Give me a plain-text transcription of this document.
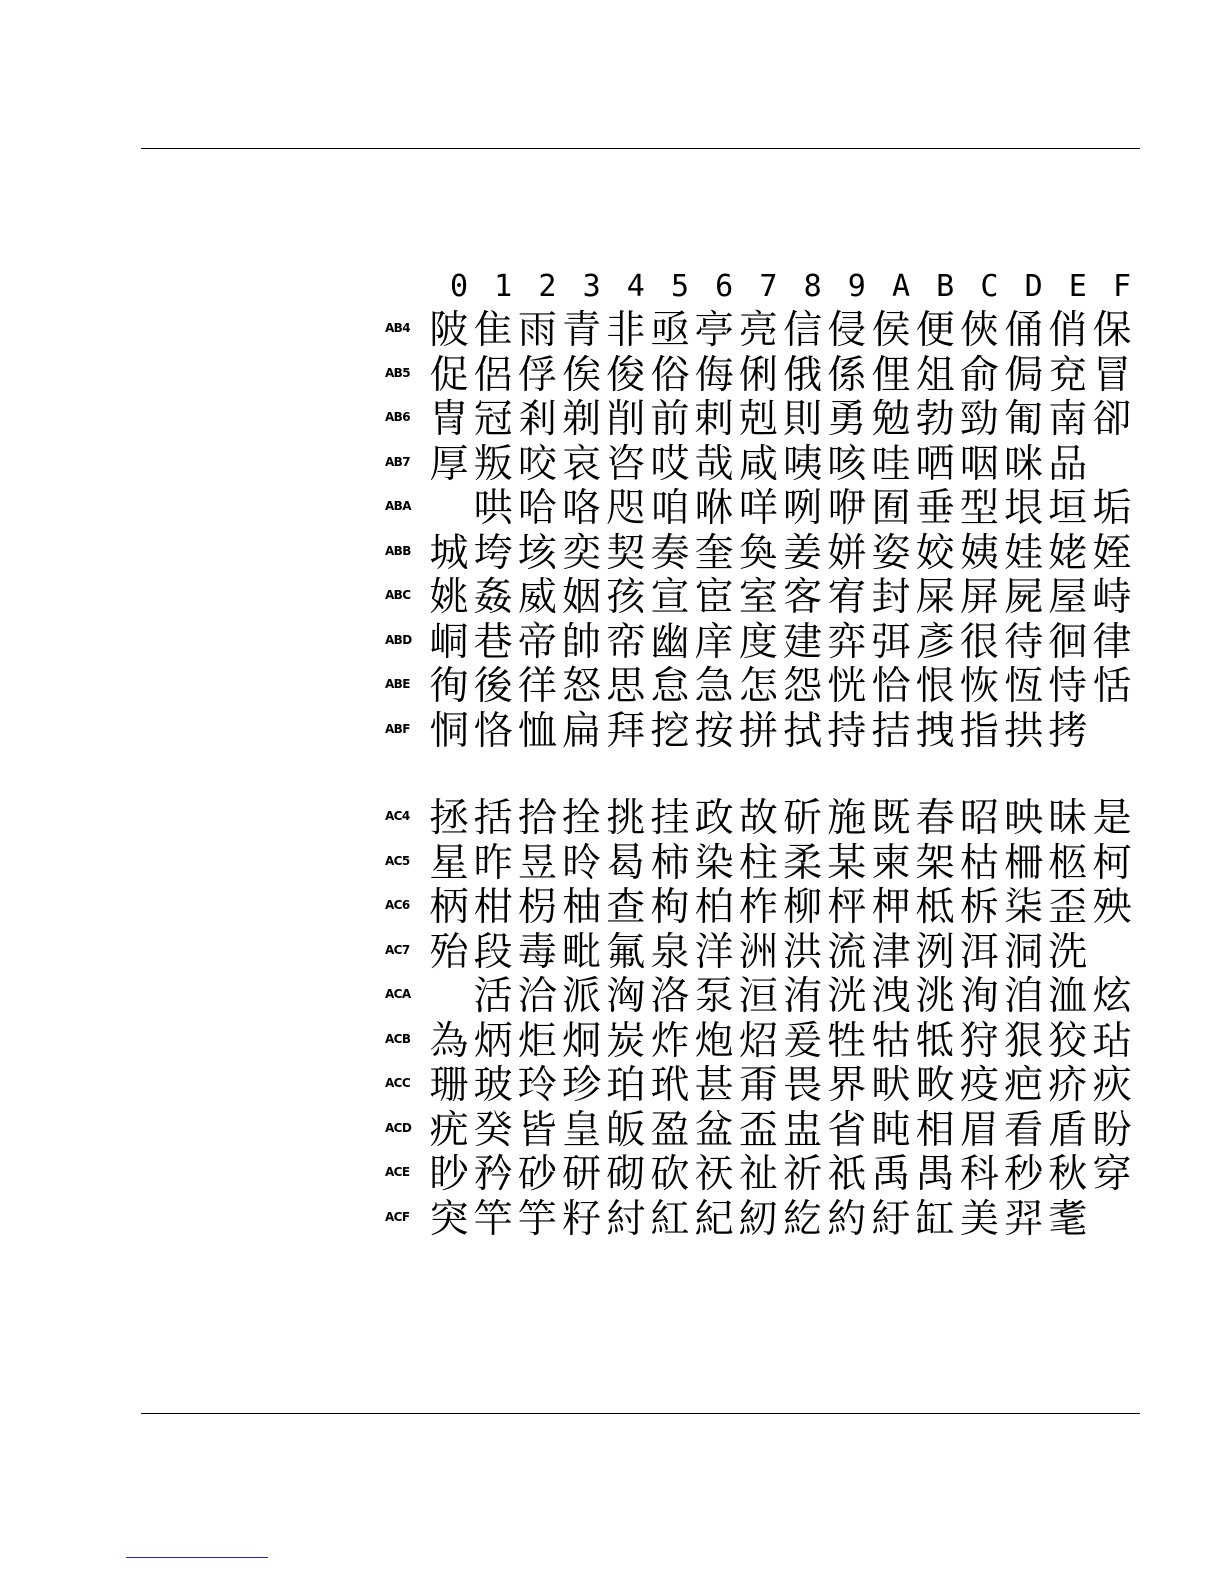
0 1 2 3 4 5 6 7 8 9 A B C D E F
AB4 陂 隹 雨 青 非 亟 亭 亮 信 侵 侯 便 俠 俑 俏 保
AB5 促 侶 俘 俟 俊 俗 侮 俐 俄 係 俚 俎 俞 侷 兗 冒
AB6 冑 冠 剎 剃 削 前 剌 剋 則 勇 勉 勃 勁 匍 南 卻
AB7 厚 叛 咬 哀 咨 哎 哉 咸 咦 咳 哇 哂 咽 咪 品
ABA	哄 哈 咯 咫 咱 咻 咩 咧 咿 囿 垂 型 垠 垣 垢
ABB 城 垮 垓 奕 契 奏 奎 奐 姜 姘 姿 姣 姨 娃 姥 姪
ABC 姚 姦 威 姻 孩 宣 宦 室 客 宥 封 屎 屏 屍 屋 峙
ABD 峒 巷 帝 帥 帟 幽 庠 度 建 弈 弭 彥 很 待 徊 律
ABE 徇 後 徉 怒 思 怠 急 怎 怨 恍 恰 恨 恢 恆 恃 恬
ABF 恫 恪 恤 扁 拜 挖 按 拼 拭 持 拮 拽 指 拱 拷
AC4 拯 括 拾 拴 挑 挂 政 故 斫 施 既 春 昭 映 昧 是
AC5 星 昨 昱 昤 曷 柿 染 柱 柔 某 柬 架 枯 柵 柩 柯
AC6 柄 柑 枴 柚 查 枸 柏 柞 柳 枰 柙 柢 柝 柒 歪 殃
AC7 殆 段 毒 毗 氟 泉 洋 洲 洪 流 津 洌 洱 洞 洗
ACA	活 洽 派 洶 洛 泵 洹 洧 洸 洩 洮 洵 洎 洫 炫
ACB 為 炳 炬 炯 炭 炸 炮 炤 爰 牲 牯 牴 狩 狠 狡 玷
ACC 珊 玻 玲 珍 珀 玳 甚 甭 畏 界 畎 畋 疫 疤 疥 疢
ACD 疣 癸 皆 皇 皈 盈 盆 盃 盅 省 盹 相 眉 看 盾 盼
ACE 眇 矜 砂 研 砌 砍 祆 祉 祈 祇 禹 禺 科 秒 秋 穿
ACF 突 竿 竽 籽 紂 紅 紀 紉 紇 約 紆 缸 美 羿 耄
